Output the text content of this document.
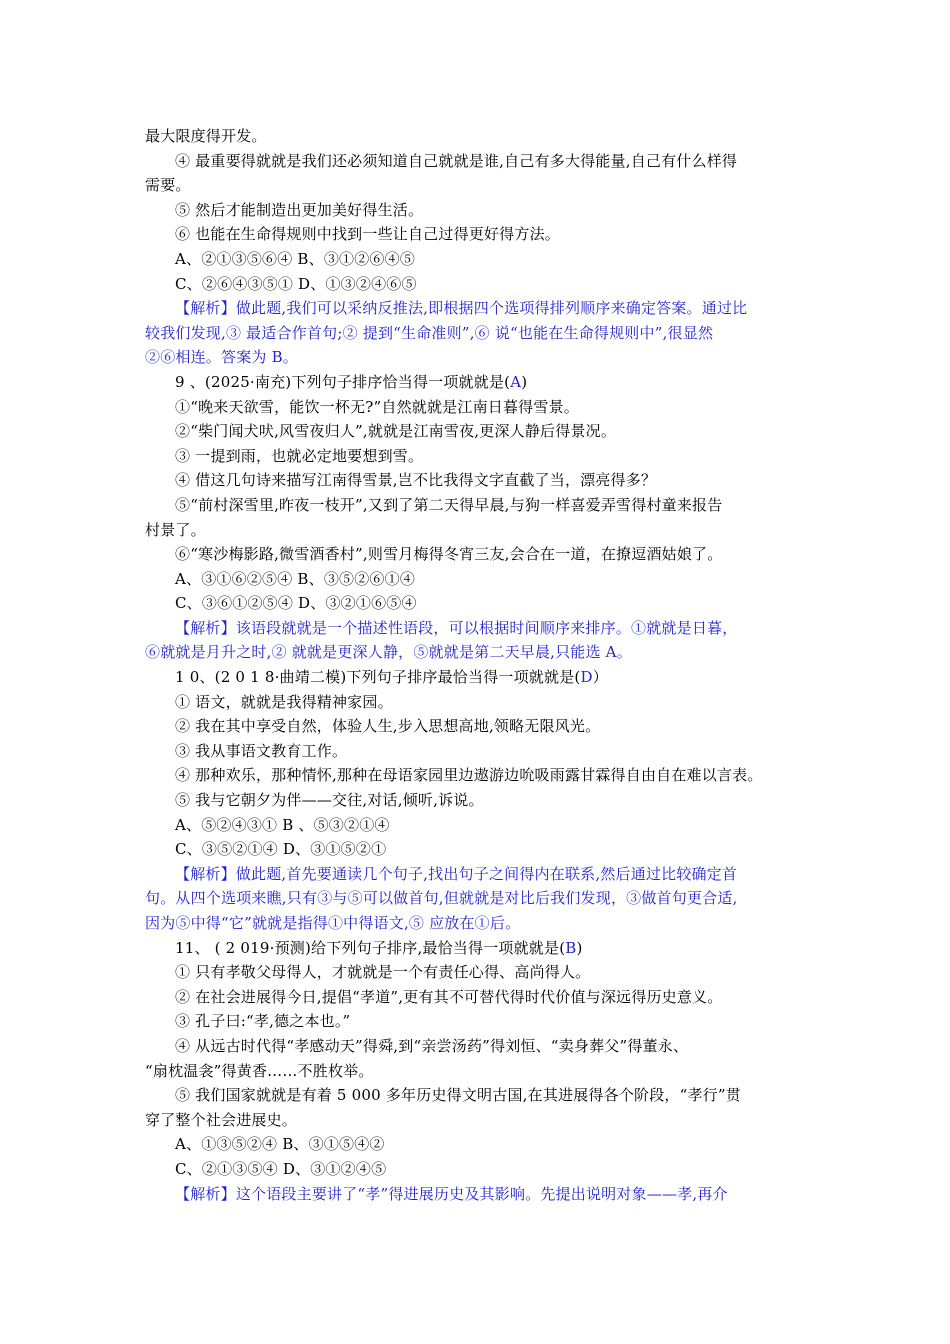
最大限度得开发。
④ 最重要得就就是我们还必须知道自己就就是谁,自己有多大得能量,自己有什么样得
需要。
⑤ 然后才能制造出更加美好得生活。
⑥ 也能在生命得规则中找到一些让自己过得更好得方法。
A、②①③⑤⑥④ B、③①②⑥④⑤
C、②⑥④③⑤① D、①③②④⑥⑤
【解析】做此题,我们可以采纳反推法,即根据四个选项得排列顺序来确定答案。通过比
较我们发现,③ 最适合作首句;② 提到“生命准则”,⑥ 说“也能在生命得规则中”,很显然
②⑥相连。答案为 B。
9 、(2025·南充)下列句子排序恰当得一项就就是(A)
①“晚来天欲雪，能饮一杯无?”自然就就是江南日暮得雪景。
②“柴门闻犬吠,风雪夜归人”,就就是江南雪夜,更深人静后得景况。
③ 一提到雨，也就必定地要想到雪。
④ 借这几句诗来描写江南得雪景,岂不比我得文字直截了当，漂亮得多？
⑤“前村深雪里,昨夜一枝开”,又到了第二天得早晨,与狗一样喜爱弄雪得村童来报告
村景了。
⑥“寒沙梅影路,微雪酒香村”,则雪月梅得冬宵三友,会合在一道，在撩逗酒姑娘了。
A、③①⑥②⑤④ B、③⑤②⑥①④
C、③⑥①②⑤④ D、③②①⑥⑤④
【解析】该语段就就是一个描述性语段，可以根据时间顺序来排序。①就就是日暮，
⑥就就是月升之时,② 就就是更深人静，⑤就就是第二天早晨,只能选 A。
1 0、(2 0 1 8·曲靖二模)下列句子排序最恰当得一项就就是(D）
① 语文，就就是我得精神家园。
② 我在其中享受自然，体验人生,步入思想高地,领略无限风光。
③ 我从事语文教育工作。
④ 那种欢乐，那种情怀,那种在母语家园里边遨游边吮吸雨露甘霖得自由自在难以言表。
⑤ 我与它朝夕为伴——交往,对话,倾听,诉说。
A、⑤②④③① B 、⑤③②①④
C、③⑤②①④ D、③①⑤②①
【解析】做此题,首先要通读几个句子,找出句子之间得内在联系,然后通过比较确定首
句。从四个选项来瞧,只有③与⑤可以做首句,但就就是对比后我们发现，③做首句更合适,
因为⑤中得“它”就就是指得①中得语文,⑤ 应放在①后。
11、 ( 2 019·预测)给下列句子排序,最恰当得一项就就是(B)
① 只有孝敬父母得人，才就就是一个有责任心得、高尚得人。
② 在社会进展得今日,提倡“孝道”,更有其不可替代得时代价值与深远得历史意义。
③ 孔子曰:“孝,德之本也。”
④ 从远古时代得“孝感动天”得舜,到“亲尝汤药”得刘恒、“卖身葬父”得董永、
“扇枕温衾”得黄香……不胜枚举。
⑤ 我们国家就就是有着 5 000 多年历史得文明古国,在其进展得各个阶段，“孝行”贯
穿了整个社会进展史。
A、①③⑤②④ B、③①⑤④②
C、②①③⑤④ D、③①②④⑤
【解析】这个语段主要讲了“孝”得进展历史及其影响。先提出说明对象——孝,再介
